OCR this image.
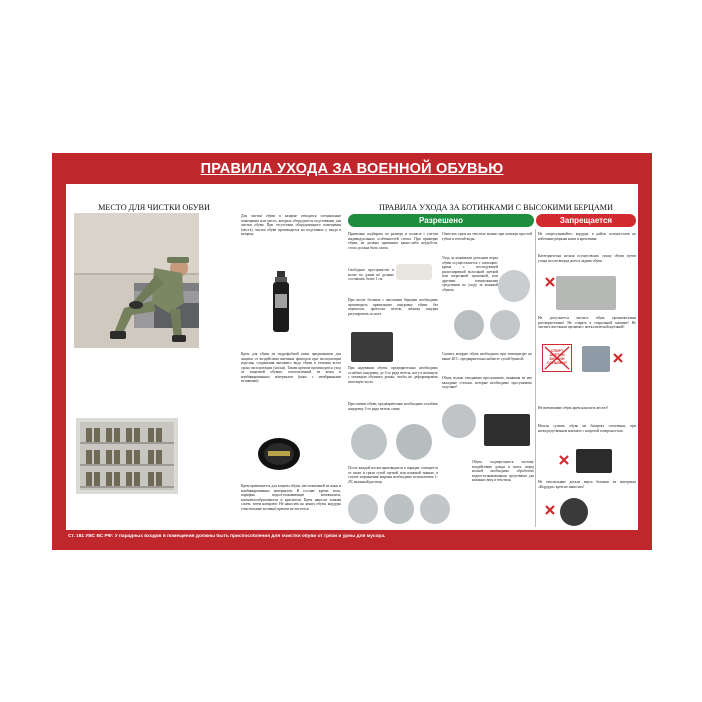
ПРАВИЛА УХОДА ЗА ВОЕННОЙ ОБУВЬЮ
МЕСТО ДЛЯ ЧИСТКИ ОБУВИ
Для чистки обуви в казарме отводятся специальные помещения или место, которые оборудуются подставками для чистки обуви. При отсутствии оборудованного помещения (места), чистка обуви производится на подставках у входа в казарму.
Крем для обуви из гидрофобной кожи предназначен для защиты от воздействия внешних факторов при эксплуатации изделия, сохранения внешнего вида обуви в течении всего срока эксплуатации (носки). Таким кремом производится уход за защитной обувью, изготовленной из кожи и комбинированных материалов (кожа с мембранными вставками).
Крем применяется для защиты обуви, изготовленной из кожи и комбинированных материалов. В составе крема: воск, парафин, водоотталкивающие компоненты, комплексообразователи и красители. Крем наносят тонким слоем, затем натирают. Не наносить на замшу обуви, кордуры (текстильные вставки) кремом не чистится.
ПРАВИЛА УХОДА ЗА БОТИНКАМИ С ВЫСОКИМИ БЕРЦАМИ
Разрешено	Запрещается
Правильно подбирать по размеру и полноте с учетом индивидуальных особенностей стопы. При примерке обуви, не должно причинять каких-либо неудобств, стопа должна быть сжата.
Свободное пространство в носке по длине не должно составлять более 1 см.
При носке ботинок с высокими берцами необходимо производить правильную шнуровку обуви, без перекосов, пропуска петель, затяжку шнурка регулировать по ноге.
При надевании обуви, предварительно необходимо ослабить шнуровку до 3-го ряда петель, ногу и вытянуть с помощью обувного рожка, чтобы не деформировать пяточную часть.
При снятии обуви, предварительно необходимо ослабить шнуровку 3-го ряда петель снизу.
После каждой носки производится в порядке: очищается от пыли и грязи сухой щеткой или влажной тканью, в случае загрязнения жирами необходимо использовать 1-2% мыльный раствор.
Очистить грязь на текстиле можно при помощи простой губки и теплой воды.
Уход за кожаными деталями верха обуви осуществляется с помощью: крема с последующей располировкой волосяной щеткой или шерстяной тряпочкой, или другими специальными средствами по уходу за кожаной обувью.
Сушить мокрую обувь необходимо при температуре не выше 40 С, предварительно набив ее сухой бумагой.
Обувь нужно ежедневно просушивать, вынимая из нее вкладные стельки, которые необходимо просушивать отдельно!
Обувь, подвергшуюся частому воздействию дождя и снега, перед ноской необходимо обработать водоотталкивающими средствами для кожаных вещ и текстиля.
Не «пересушивайте» кордура, в район соленостатов не избегание разрыва кожи и креплении.
Категорически нельзя осуществлять сушку обуви путем упора носом вперед ноги в задник обуви
Не допускается чистить обувь органическими растворителями! Не стирать в стиральной машине! Не чистить жесткими щетками с металлической щетиной!
СПИРТ АЦЕТОН БЕНЗИН СОЛЬВЕНТ
Не впечатываю обувь крем наносить веселе!
Нельзя сушить обувь на батареях отопления, при непосредственном контакте с нагретой поверхностью.
Не текстильные детали верха ботинок из материала «Кордура» крем не наносить!
Ст. 181 УВС ВС РФ: У парадных входов в помещения должны быть приспособления для очистки обуви от грязи и урны для мусора.
